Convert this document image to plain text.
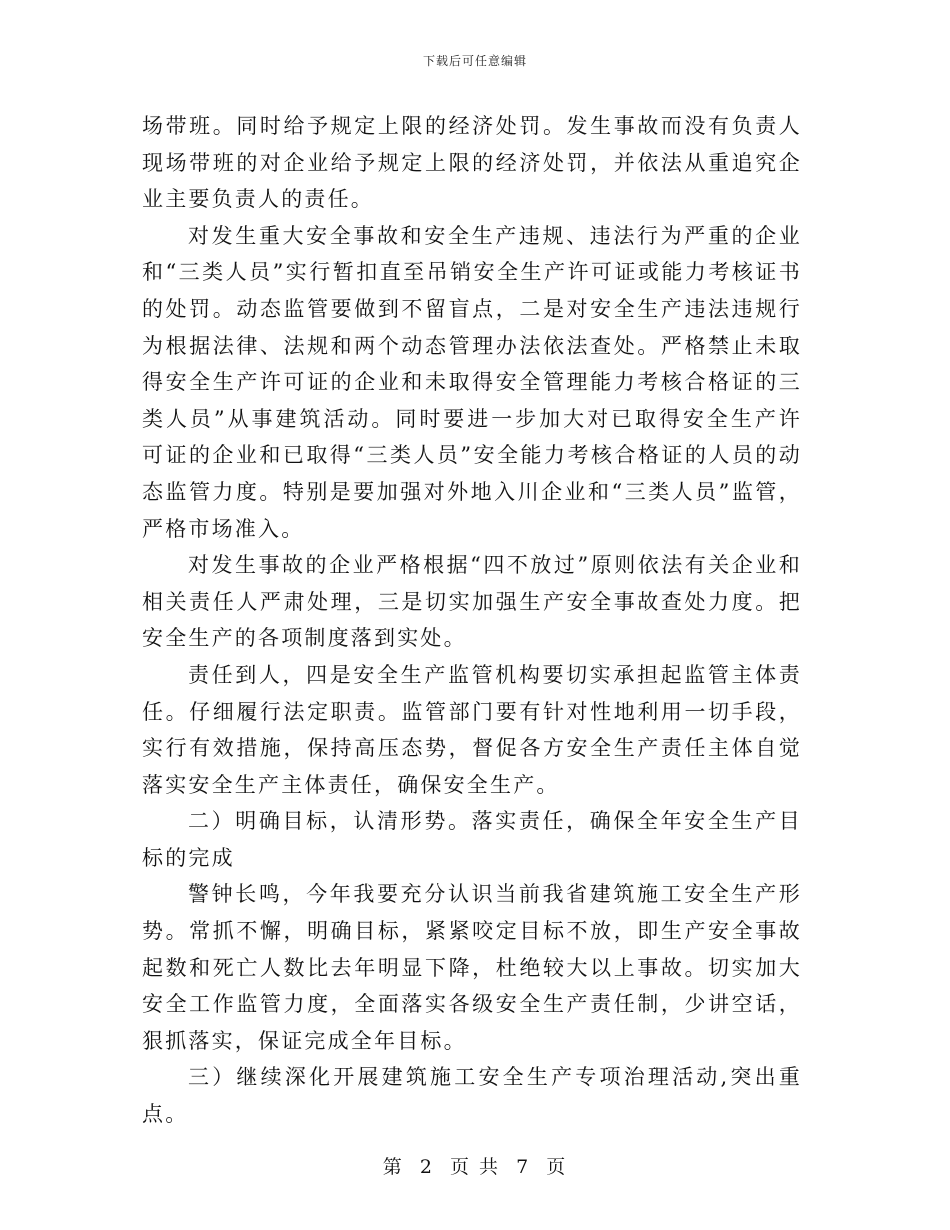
下载后可任意编辑

场带班。同时给予规定上限的经济处罚。发生事故而没有负责人现场带班的对企业给予规定上限的经济处罚，并依法从重追究企业主要负责人的责任。

对发生重大安全事故和安全生产违规、违法行为严重的企业和“三类人员”实行暂扣直至吊销安全生产许可证或能力考核证书的处罚。动态监管要做到不留盲点，二是对安全生产违法违规行为根据法律、法规和两个动态管理办法依法查处。严格禁止未取得安全生产许可证的企业和未取得安全管理能力考核合格证的三类人员”从事建筑活动。同时要进一步加大对已取得安全生产许可证的企业和已取得“三类人员”安全能力考核合格证的人员的动态监管力度。特别是要加强对外地入川企业和“三类人员”监管，严格市场准入。

对发生事故的企业严格根据“四不放过”原则依法有关企业和相关责任人严肃处理，三是切实加强生产安全事故查处力度。把安全生产的各项制度落到实处。

责任到人，四是安全生产监管机构要切实承担起监管主体责任。仔细履行法定职责。监管部门要有针对性地利用一切手段，实行有效措施，保持高压态势，督促各方安全生产责任主体自觉落实安全生产主体责任，确保安全生产。

二）明确目标，认清形势。落实责任，确保全年安全生产目标的完成

警钟长鸣，今年我要充分认识当前我省建筑施工安全生产形势。常抓不懈，明确目标，紧紧咬定目标不放，即生产安全事故起数和死亡人数比去年明显下降，杜绝较大以上事故。切实加大安全工作监管力度，全面落实各级安全生产责任制，少讲空话，狠抓落实，保证完成全年目标。

三）继续深化开展建筑施工安全生产专项治理活动,突出重点。

第 2 页 共 7 页
